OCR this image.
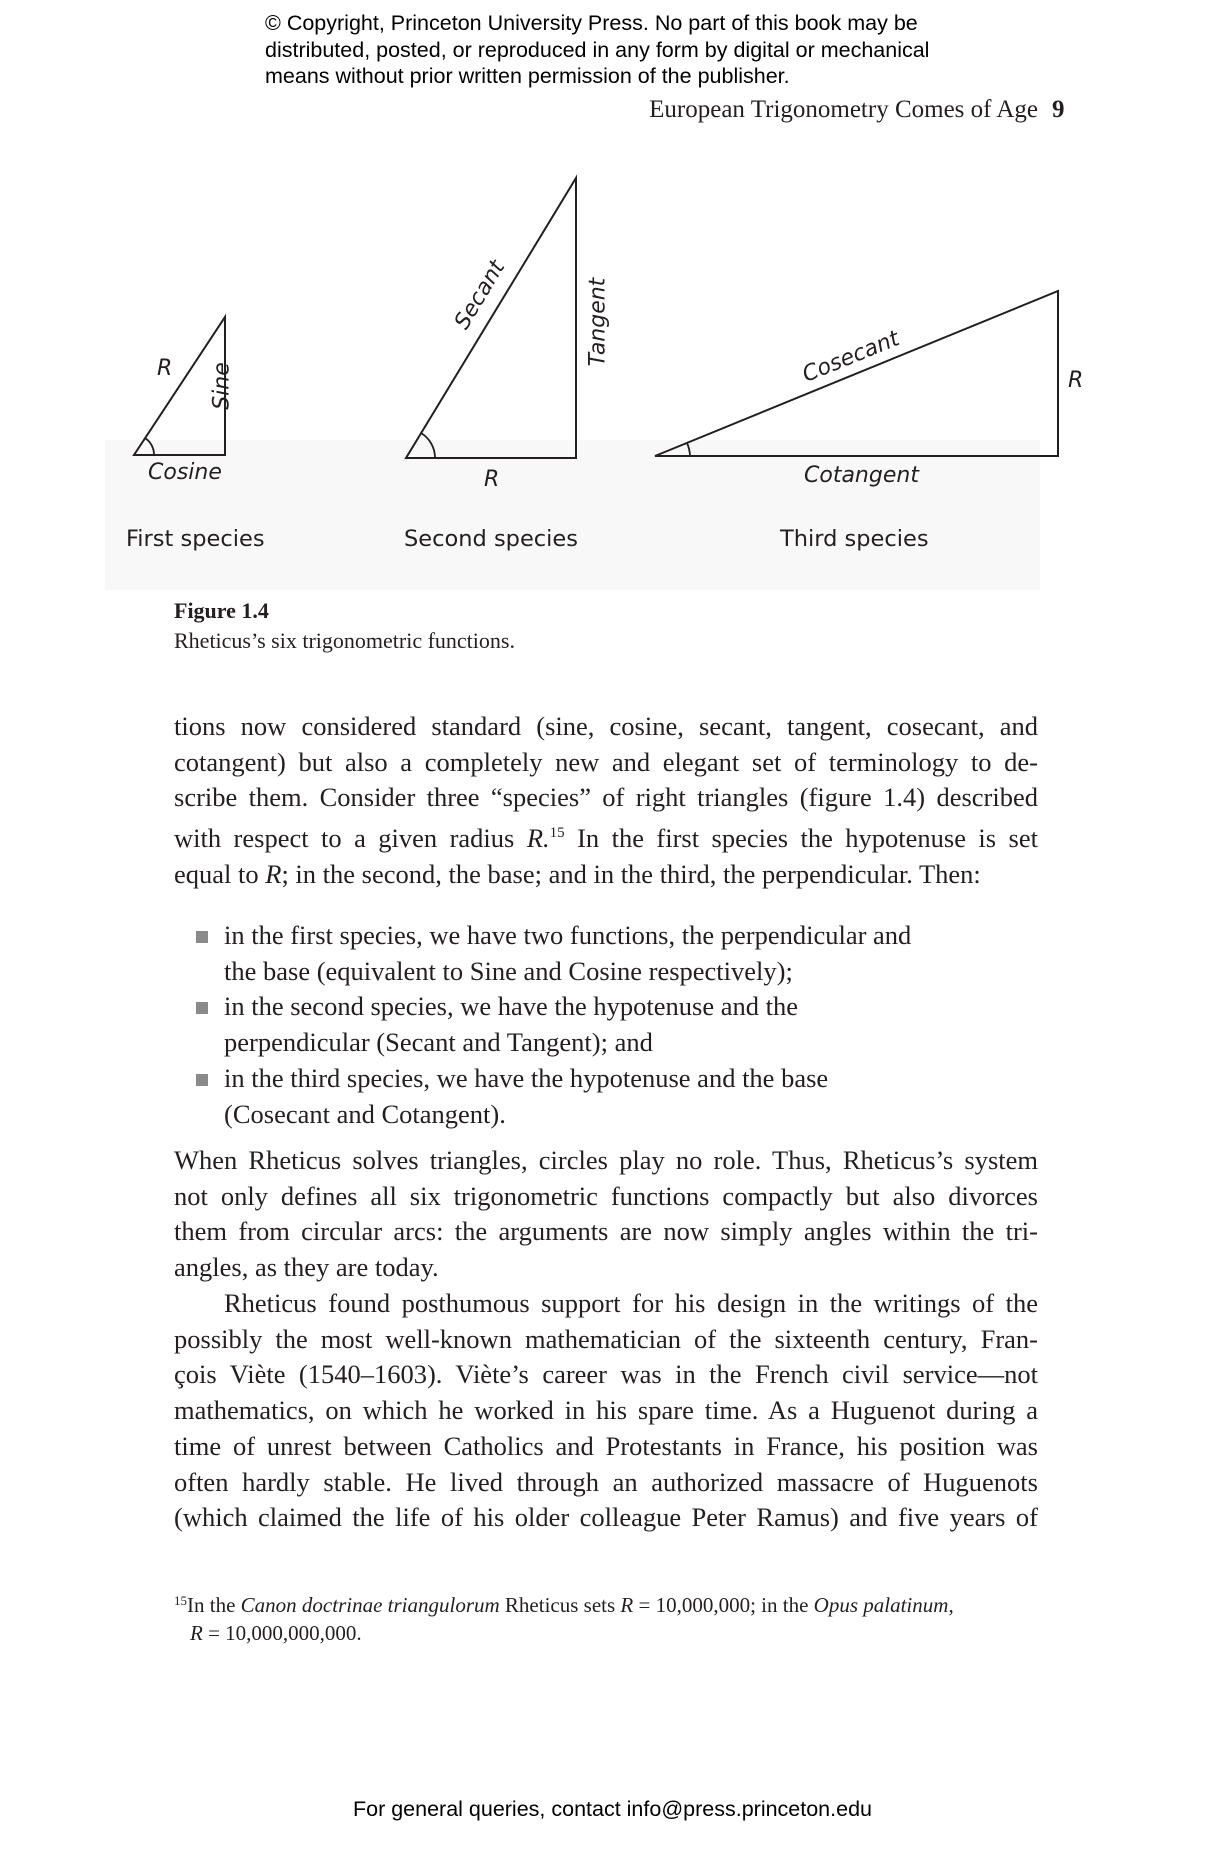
© Copyright, Princeton University Press. No part of this book may be
distributed, posted, or reproduced in any form by digital or mechanical
means without prior written permission of the publisher.
European Trigonometry Comes of Age 9
R Sine
Cosine
Secant	Tangent
R
Cosecant
Cotangent
R
First species	Second species	Third species
Figure 1.4
Rheticus’s six trigonometric functions.
tions now considered standard (sine, cosine, secant, tangent, cosecant, and
cotangent) but also a completely new and elegant set of terminology to de-
scribe them. Consider three “species” of right triangles (figure 1.4) described
with respect to a given radius R.$^{15}$ In the first species the hypotenuse is set
equal to R; in the second, the base; and in the third, the perpendicular. Then:
in the first species, we have two functions, the perpendicular and
the base (equivalent to Sine and Cosine respectively);
in the second species, we have the hypotenuse and the
perpendicular (Secant and Tangent); and
in the third species, we have the hypotenuse and the base
(Cosecant and Cotangent).
When Rheticus solves triangles, circles play no role. Thus, Rheticus’s system
not only defines all six trigonometric functions compactly but also divorces
them from circular arcs: the arguments are now simply angles within the tri-
angles, as they are today.
Rheticus found posthumous support for his design in the writings of the
possibly the most well-known mathematician of the sixteenth century, Fran-
çois Viète (1540–1603). Viète’s career was in the French civil service—not
mathematics, on which he worked in his spare time. As a Huguenot during a
time of unrest between Catholics and Protestants in France, his position was
often hardly stable. He lived through an authorized massacre of Huguenots
(which claimed the life of his older colleague Peter Ramus) and five years of
$^{15}$In the Canon doctrinae triangulorum Rheticus sets R = 10,000,000; in the Opus palatinum,
R = 10,000,000,000.
For general queries, contact info@press.princeton.edu
